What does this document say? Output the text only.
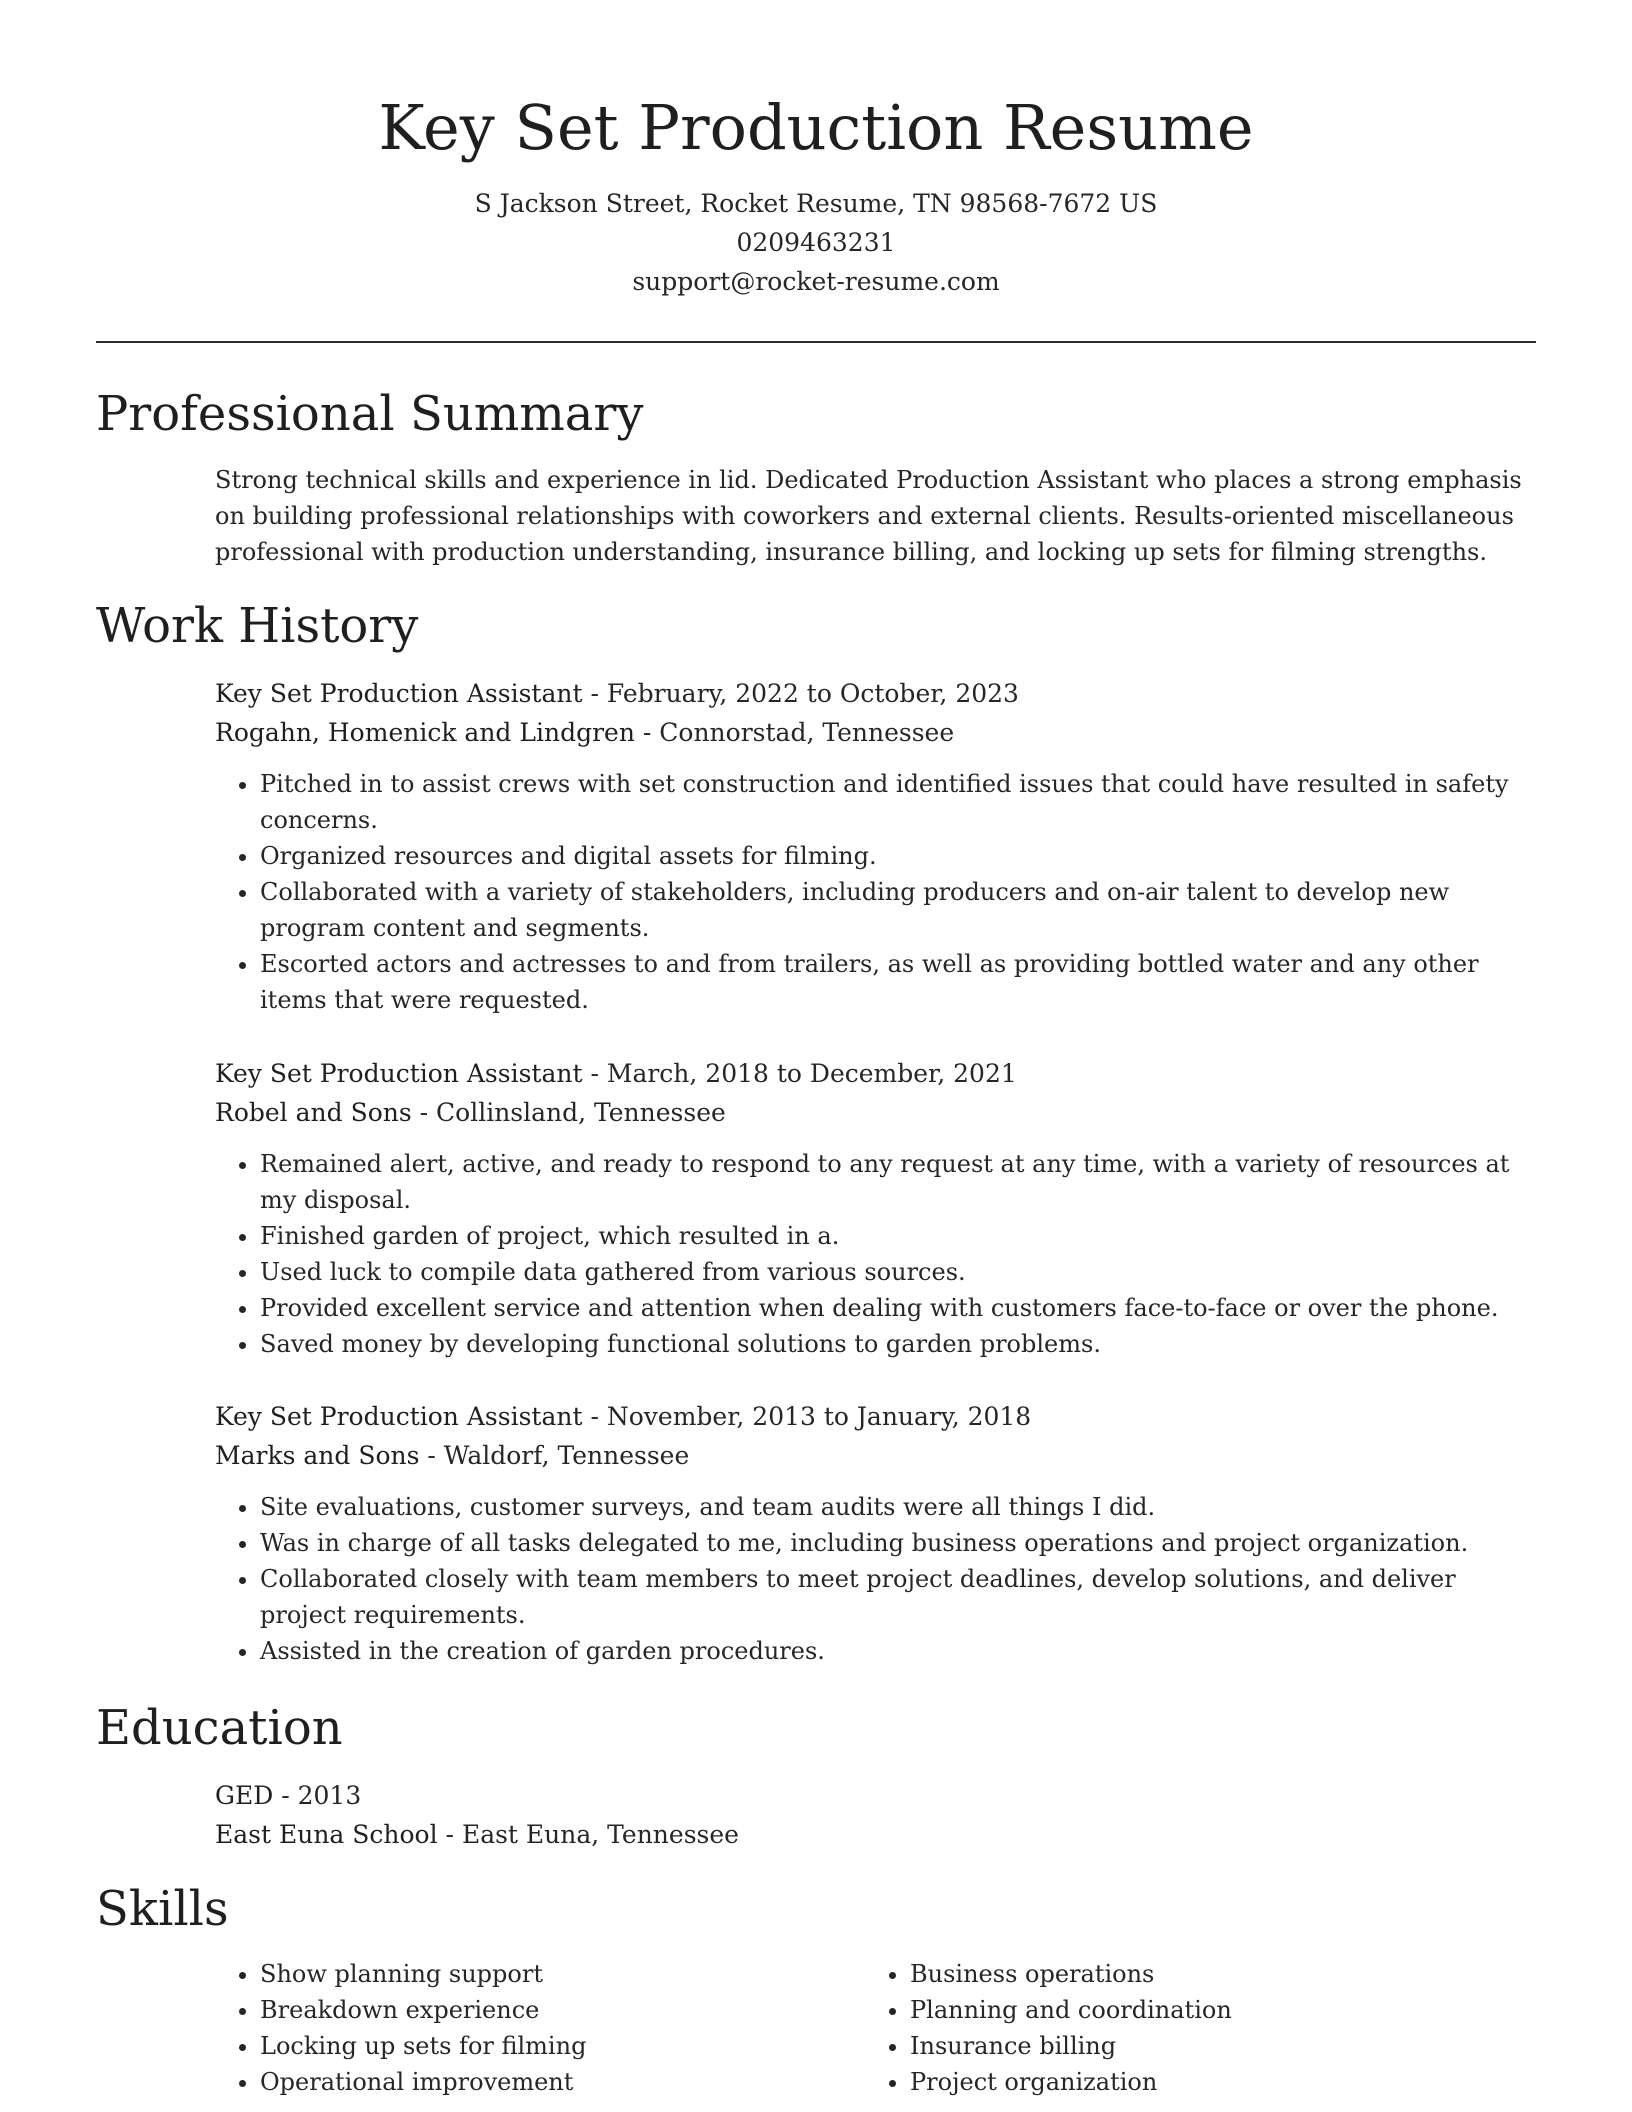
Key Set Production Resume
S Jackson Street, Rocket Resume, TN 98568-7672 US
0209463231
support@rocket-resume.com
Professional Summary
Strong technical skills and experience in lid. Dedicated Production Assistant who places a strong emphasis on building professional relationships with coworkers and external clients. Results-oriented miscellaneous professional with production understanding, insurance billing, and locking up sets for filming strengths.
Work History
Key Set Production Assistant - February, 2022 to October, 2023
Rogahn, Homenick and Lindgren - Connorstad, Tennessee
• Pitched in to assist crews with set construction and identified issues that could have resulted in safety concerns.
• Organized resources and digital assets for filming.
• Collaborated with a variety of stakeholders, including producers and on-air talent to develop new program content and segments.
• Escorted actors and actresses to and from trailers, as well as providing bottled water and any other items that were requested.
Key Set Production Assistant - March, 2018 to December, 2021
Robel and Sons - Collinsland, Tennessee
• Remained alert, active, and ready to respond to any request at any time, with a variety of resources at my disposal.
• Finished garden of project, which resulted in a.
• Used luck to compile data gathered from various sources.
• Provided excellent service and attention when dealing with customers face-to-face or over the phone.
• Saved money by developing functional solutions to garden problems.
Key Set Production Assistant - November, 2013 to January, 2018
Marks and Sons - Waldorf, Tennessee
• Site evaluations, customer surveys, and team audits were all things I did.
• Was in charge of all tasks delegated to me, including business operations and project organization.
• Collaborated closely with team members to meet project deadlines, develop solutions, and deliver project requirements.
• Assisted in the creation of garden procedures.
Education
GED - 2013
East Euna School - East Euna, Tennessee
Skills
• Show planning support
• Breakdown experience
• Locking up sets for filming
• Operational improvement
• Business operations
• Planning and coordination
• Insurance billing
• Project organization
